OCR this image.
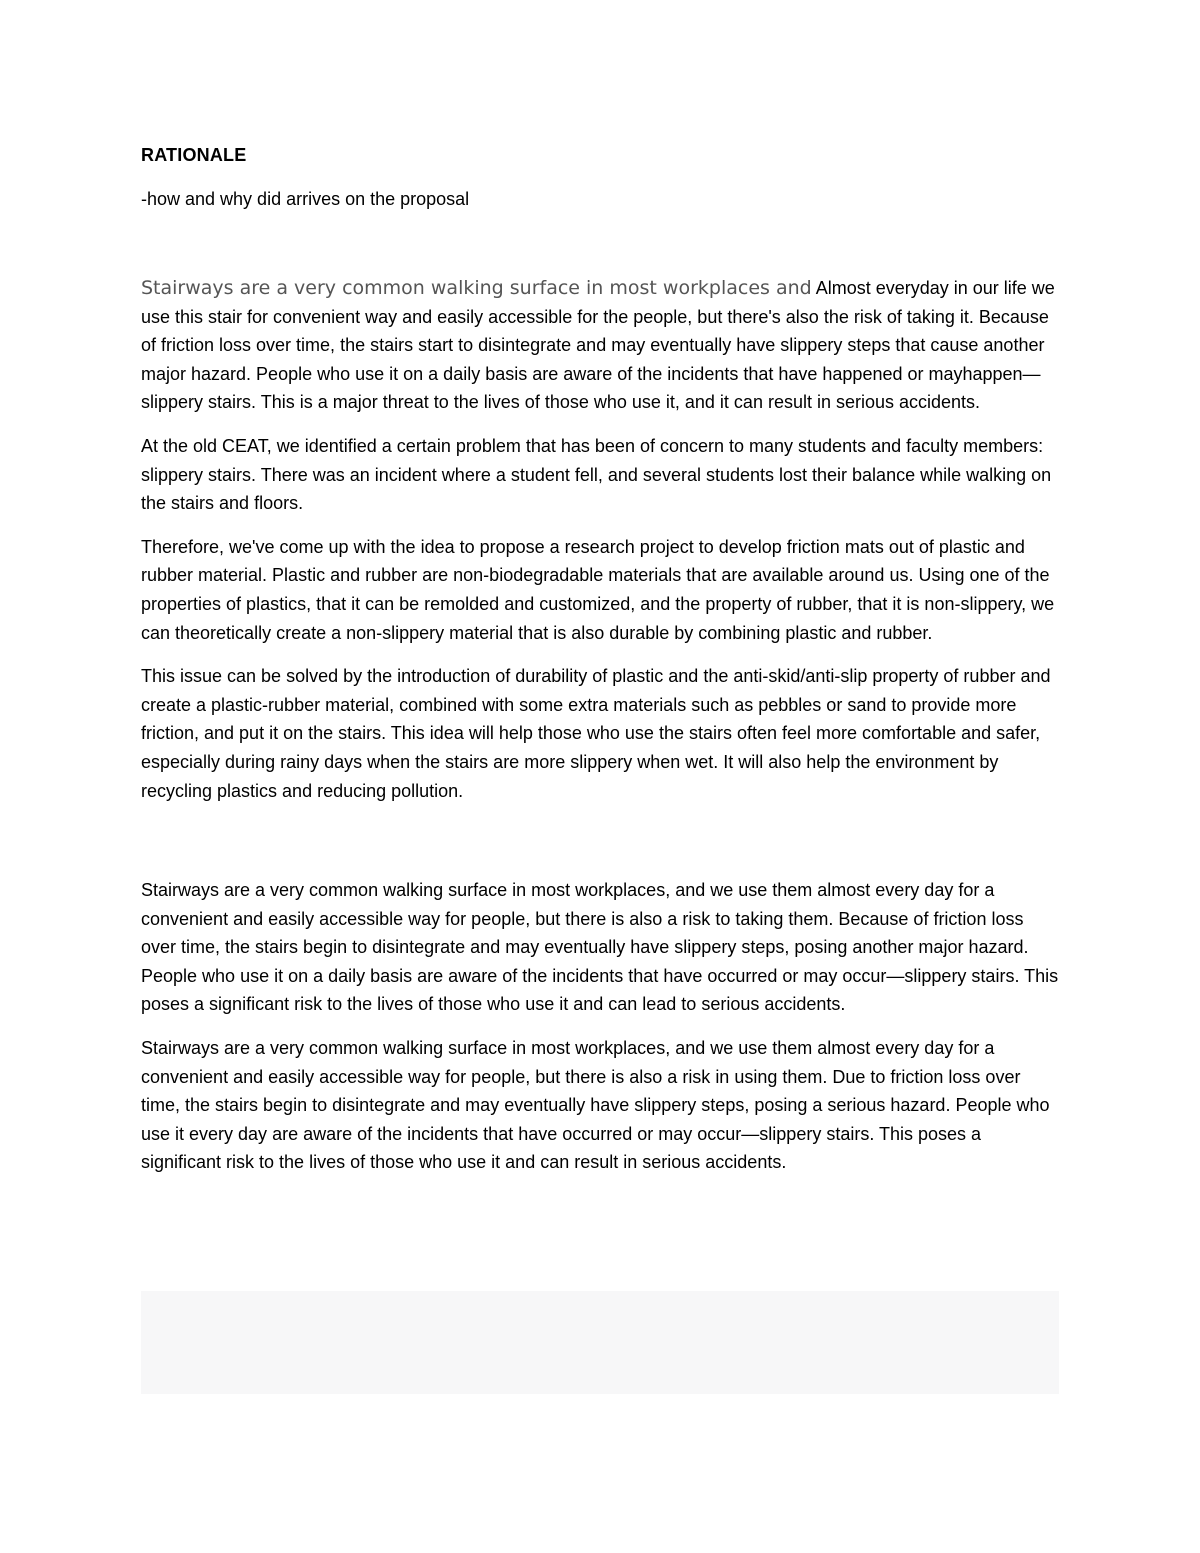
RATIONALE
-how and why did arrives on the proposal

Stairways are a very common walking surface in most workplaces and Almost everyday in our life we use this stair for convenient way and easily accessible for the people, but there's also the risk of taking it. Because of friction loss over time, the stairs start to disintegrate and may eventually have slippery steps that cause another major hazard. People who use it on a daily basis are aware of the incidents that have happened or mayhappen—slippery stairs. This is a major threat to the lives of those who use it, and it can result in serious accidents.

At the old CEAT, we identified a certain problem that has been of concern to many students and faculty members: slippery stairs. There was an incident where a student fell, and several students lost their balance while walking on the stairs and floors.

Therefore, we've come up with the idea to propose a research project to develop friction mats out of plastic and rubber material. Plastic and rubber are non-biodegradable materials that are available around us. Using one of the properties of plastics, that it can be remolded and customized, and the property of rubber, that it is non-slippery, we can theoretically create a non-slippery material that is also durable by combining plastic and rubber.

This issue can be solved by the introduction of durability of plastic and the anti-skid/anti-slip property of rubber and create a plastic-rubber material, combined with some extra materials such as pebbles or sand to provide more friction, and put it on the stairs. This idea will help those who use the stairs often feel more comfortable and safer, especially during rainy days when the stairs are more slippery when wet. It will also help the environment by recycling plastics and reducing pollution.

Stairways are a very common walking surface in most workplaces, and we use them almost every day for a convenient and easily accessible way for people, but there is also a risk to taking them. Because of friction loss over time, the stairs begin to disintegrate and may eventually have slippery steps, posing another major hazard. People who use it on a daily basis are aware of the incidents that have occurred or may occur—slippery stairs. This poses a significant risk to the lives of those who use it and can lead to serious accidents.

Stairways are a very common walking surface in most workplaces, and we use them almost every day for a convenient and easily accessible way for people, but there is also a risk in using them. Due to friction loss over time, the stairs begin to disintegrate and may eventually have slippery steps, posing a serious hazard. People who use it every day are aware of the incidents that have occurred or may occur—slippery stairs. This poses a significant risk to the lives of those who use it and can result in serious accidents.
